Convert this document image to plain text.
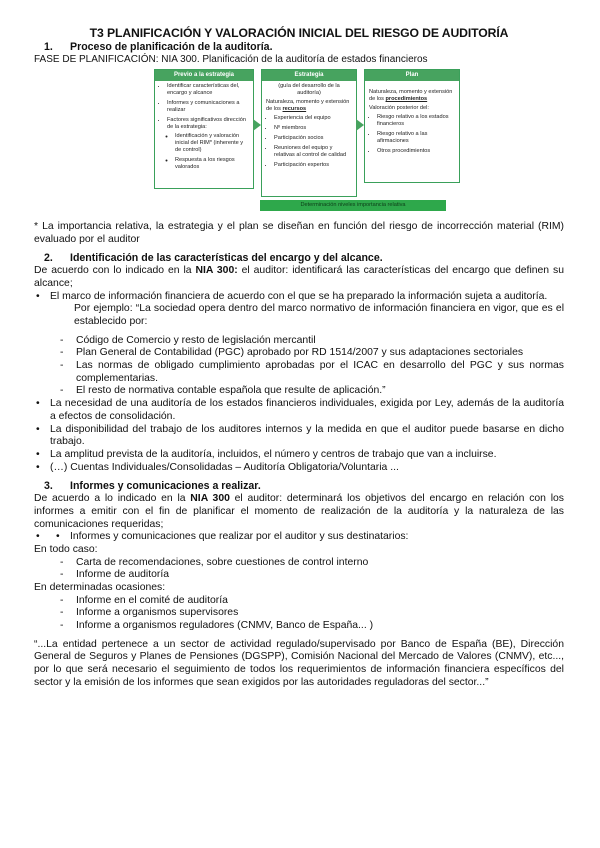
T3 PLANIFICACIÓN Y VALORACIÓN INICIAL DEL RIESGO DE AUDITORÍA

1. Proceso de planificación de la auditoría.

FASE DE PLANIFICACIÓN: NIA 300. Planificación de la auditoría de estados financieros

Previo a la estrategia
• Identificar características del, encargo y alcance
• Informes y comunicaciones a realizar
• Factores significativos dirección de la estrategia:
◦ Identificación y valoración inicial del RIM* (inherente y de control)
◦ Respuesta a los riesgos valorados
Estrategia

(guía del desarrollo de la auditoría)

Naturaleza, momento y extensión de los recursos

• Experiencia del equipo
• Nº miembros
• Participación socios
• Reuniones del equipo y relativas al control de calidad
• Participación expertos
Plan

Naturaleza, momento y extensión de los procedimientos

Valoración posterior del:

• Riesgo relativo a los estados financieros
• Riesgo relativo a las afirmaciones
• Otros procedimientos
Determinación niveles importancia relativa

* La importancia relativa, la estrategia y el plan se diseñan en función del riesgo de incorrección material (RIM) evaluado por el auditor

2. Identificación de las características del encargo y del alcance.

De acuerdo con lo indicado en la NIA 300: el auditor: identificará las características del encargo que definen su alcance;

• El marco de información financiera de acuerdo con el que se ha preparado la información sujeta a auditoría.

Por ejemplo: “La sociedad opera dentro del marco normativo de información financiera en vigor, que es el establecido por:

- Código de Comercio y resto de legislación mercantil

- Plan General de Contabilidad (PGC) aprobado por RD 1514/2007 y sus adaptaciones sectoriales

- Las normas de obligado cumplimiento aprobadas por el ICAC en desarrollo del PGC y sus normas complementarias.

- El resto de normativa contable española que resulte de aplicación.”

• La necesidad de una auditoría de los estados financieros individuales, exigida por Ley, además de la auditoría a efectos de consolidación.

• La disponibilidad del trabajo de los auditores internos y la medida en que el auditor puede basarse en dicho trabajo.

• La amplitud prevista de la auditoría, incluidos, el número y centros de trabajo que van a incluirse.

• (…) Cuentas Individuales/Consolidadas – Auditoría Obligatoria/Voluntaria ...

3. Informes y comunicaciones a realizar.

De acuerdo a lo indicado en la NIA 300 el auditor: determinará los objetivos del encargo en relación con los informes a emitir con el fin de planificar el momento de realización de la auditoría y la naturaleza de las comunicaciones requeridas;

• • Informes y comunicaciones que realizar por el auditor y sus destinatarios:

En todo caso:

- Carta de recomendaciones, sobre cuestiones de control interno

- Informe de auditoría

En determinadas ocasiones:

- Informe en el comité de auditoría

- Informe a organismos supervisores

- Informe a organismos reguladores (CNMV, Banco de España... )

“...La entidad pertenece a un sector de actividad regulado/supervisado por Banco de España (BE), Dirección General de Seguros y Planes de Pensiones (DGSPP), Comisión Nacional del Mercado de Valores (CNMV), etc..., por lo que será necesario el seguimiento de todos los requerimientos de información financiera específicos del sector y la emisión de los informes que sean exigidos por las autoridades reguladoras del sector...”
